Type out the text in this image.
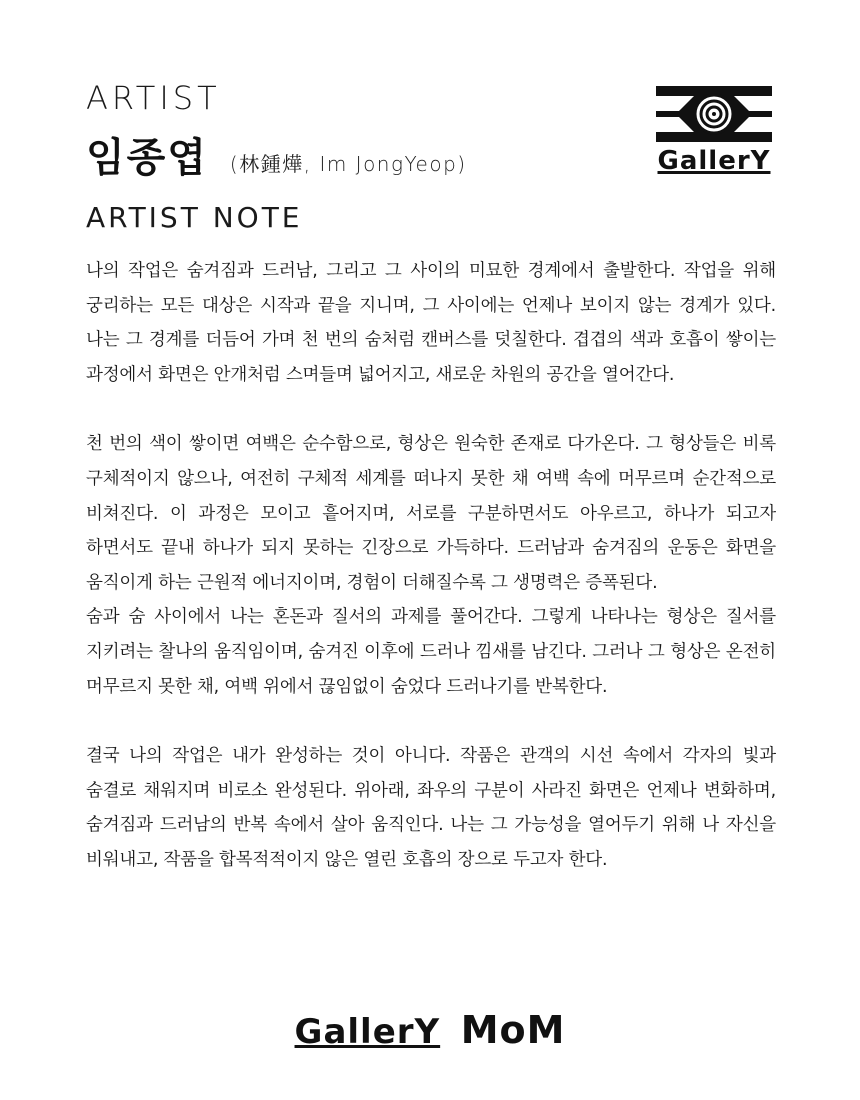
ARTIST
임종엽 (林鍾燁, Im JongYeop)
ARTIST NOTE
GallerY

나의 작업은 숨겨짐과 드러남, 그리고 그 사이의 미묘한 경계에서 출발한다. 작업을 위해 궁리하는 모든 대상은 시작과 끝을 지니며, 그 사이에는 언제나 보이지 않는 경계가 있다. 나는 그 경계를 더듬어 가며 천 번의 숨처럼 캔버스를 덧칠한다. 겹겹의 색과 호흡이 쌓이는 과정에서 화면은 안개처럼 스며들며 넓어지고, 새로운 차원의 공간을 열어간다.

천 번의 색이 쌓이면 여백은 순수함으로, 형상은 원숙한 존재로 다가온다. 그 형상들은 비록 구체적이지 않으나, 여전히 구체적 세계를 떠나지 못한 채 여백 속에 머무르며 순간적으로 비쳐진다. 이 과정은 모이고 흩어지며, 서로를 구분하면서도 아우르고, 하나가 되고자 하면서도 끝내 하나가 되지 못하는 긴장으로 가득하다. 드러남과 숨겨짐의 운동은 화면을 움직이게 하는 근원적 에너지이며, 경험이 더해질수록 그 생명력은 증폭된다.

숨과 숨 사이에서 나는 혼돈과 질서의 과제를 풀어간다. 그렇게 나타나는 형상은 질서를 지키려는 찰나의 움직임이며, 숨겨진 이후에 드러나 낌새를 남긴다. 그러나 그 형상은 온전히 머무르지 못한 채, 여백 위에서 끊임없이 숨었다 드러나기를 반복한다.

결국 나의 작업은 내가 완성하는 것이 아니다. 작품은 관객의 시선 속에서 각자의 빛과 숨결로 채워지며 비로소 완성된다. 위아래, 좌우의 구분이 사라진 화면은 언제나 변화하며, 숨겨짐과 드러남의 반복 속에서 살아 움직인다. 나는 그 가능성을 열어두기 위해 나 자신을 비워내고, 작품을 합목적적이지 않은 열린 호흡의 장으로 두고자 한다.

GallerY MoM
